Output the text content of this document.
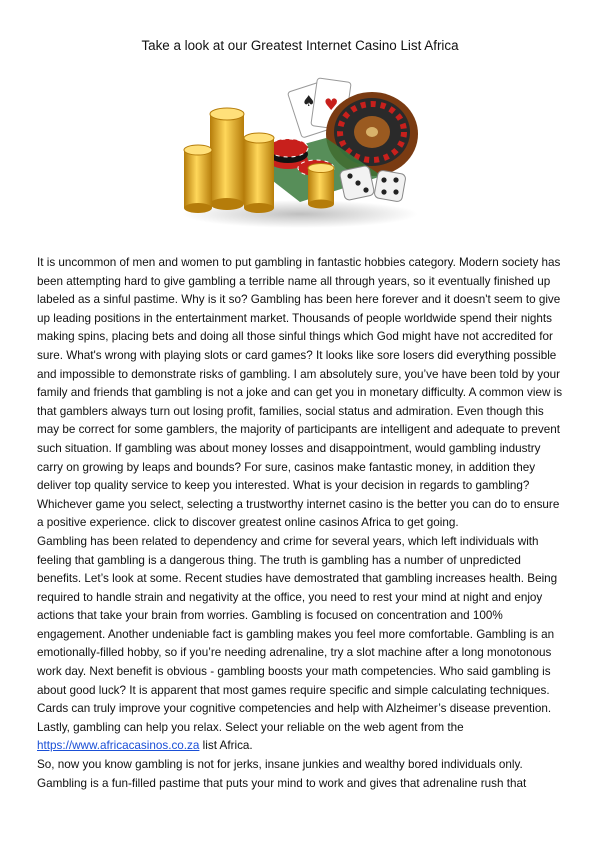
Take a look at our Greatest Internet Casino List Africa
♥
♠

It is uncommon of men and women to put gambling in fantastic hobbies category. Modern society has been attempting hard to give gambling a terrible name all through years, so it eventually finished up labeled as a sinful pastime. Why is it so? Gambling has been here forever and it doesn't seem to give up leading positions in the entertainment market. Thousands of people worldwide spend their nights making spins, placing bets and doing all those sinful things which God might have not accredited for sure. What's wrong with playing slots or card games? It looks like sore losers did everything possible and impossible to demonstrate risks of gambling. I am absolutely sure, you’ve have been told by your family and friends that gambling is not a joke and can get you in monetary difficulty. A common view is that gamblers always turn out losing profit, families, social status and admiration. Even though this may be correct for some gamblers, the majority of participants are intelligent and adequate to prevent such situation. If gambling was about money losses and disappointment, would gambling industry carry on growing by leaps and bounds? For sure, casinos make fantastic money, in addition they deliver top quality service to keep you interested. What is your decision in regards to gambling? Whichever game you select, selecting a trustworthy internet casino is the better you can do to ensure a positive experience. click to discover greatest online casinos Africa to get going.

Gambling has been related to dependency and crime for several years, which left individuals with feeling that gambling is a dangerous thing. The truth is gambling has a number of unpredicted benefits. Let’s look at some. Recent studies have demostrated that gambling increases health. Being required to handle strain and negativity at the office, you need to rest your mind at night and enjoy actions that take your brain from worries. Gambling is focused on concentration and 100% engagement. Another undeniable fact is gambling makes you feel more comfortable. Gambling is an emotionally-filled hobby, so if you’re needing adrenaline, try a slot machine after a long monotonous work day. Next benefit is obvious - gambling boosts your math competencies. Who said gambling is about good luck? It is apparent that most games require specific and simple calculating techniques. Cards can truly improve your cognitive competencies and help with Alzheimer’s disease prevention. Lastly, gambling can help you relax. Select your reliable on the web agent from the https://www.africacasinos.co.za list Africa.

So, now you know gambling is not for jerks, insane junkies and wealthy bored individuals only. Gambling is a fun-filled pastime that puts your mind to work and gives that adrenaline rush that
